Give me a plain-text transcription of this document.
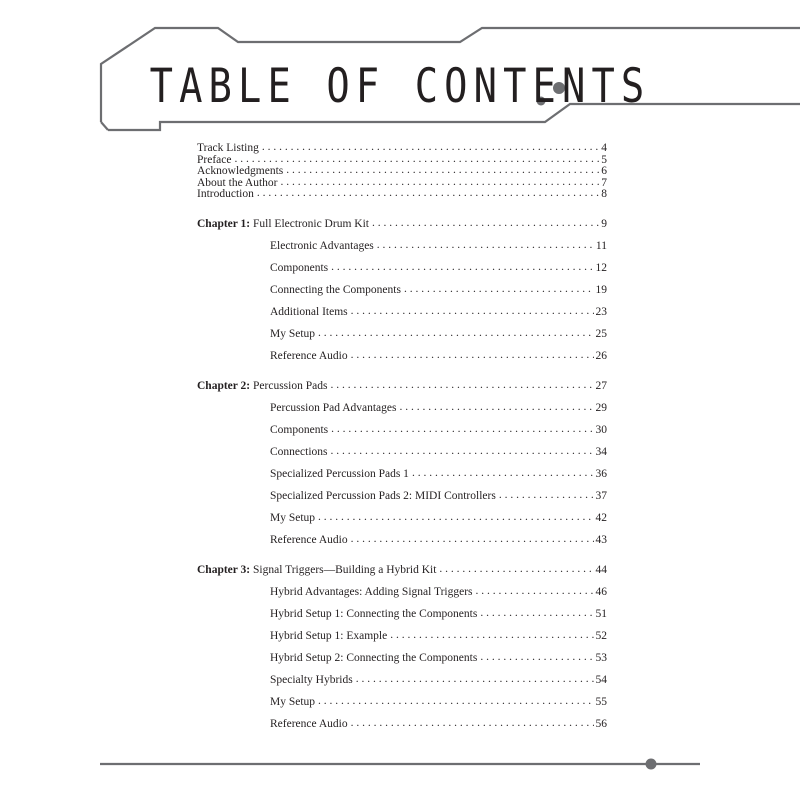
TABLE OF CONTENTS
Track Listing . . .	4
Preface . . .	5
Acknowledgments . . .	6
About the Author . . .	7
Introduction . . .	8
Chapter 1: Full Electronic Drum Kit . . .	9
Electronic Advantages . . .	11
Components . . .	12
Connecting the Components . . .	19
Additional Items . . .	23
My Setup . . .	25
Reference Audio . . .	26
Chapter 2: Percussion Pads . . .	27
Percussion Pad Advantages . . .	29
Components . . .	30
Connections . . .	34
Specialized Percussion Pads 1 . . .	36
Specialized Percussion Pads 2: MIDI Controllers . . .	37
My Setup . . .	42
Reference Audio . . .	43
Chapter 3: Signal Triggers—Building a Hybrid Kit . . .	44
Hybrid Advantages: Adding Signal Triggers . . .	46
Hybrid Setup 1: Connecting the Components . . .	51
Hybrid Setup 1: Example . . .	52
Hybrid Setup 2: Connecting the Components . . .	53
Specialty Hybrids . . .	54
My Setup . . .	55
Reference Audio . . .	56
